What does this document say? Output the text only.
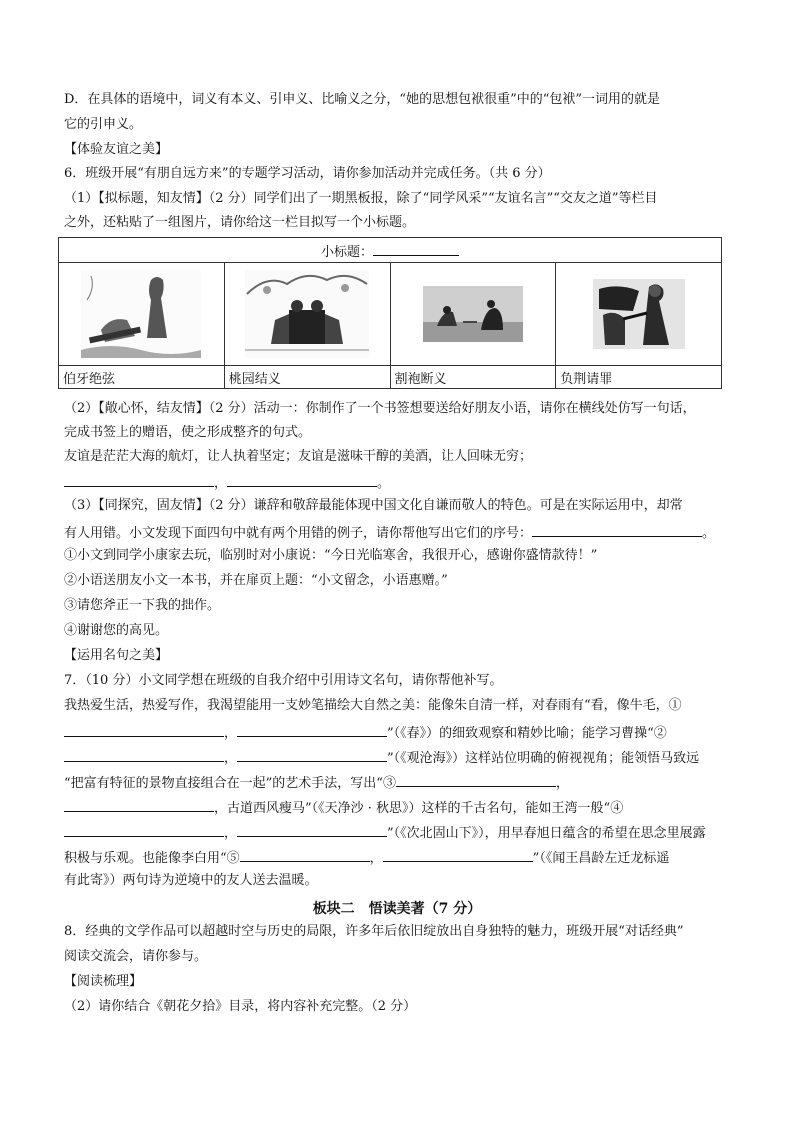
D．在具体的语境中，词义有本义、引申义、比喻义之分，“她的思想包袱很重”中的“包袱”一词用的就是
它的引申义。
【体验友谊之美】
6．班级开展“有朋自远方来”的专题学习活动，请你参加活动并完成任务。（共 6 分）
（1）【拟标题，知友情】（2 分）同学们出了一期黑板报，除了“同学风采”“友谊名言”“交友之道”等栏目
之外，还粘贴了一组图片，请你给这一栏目拟写一个小标题。
小标题：			

伯牙绝弦	桃园结义	割袍断义	负荆请罪
（2）【敞心怀，结友情】（2 分）活动一：你制作了一个书签想要送给好朋友小语，请你在横线处仿写一句话，
完成书签上的赠语，使之形成整齐的句式。
友谊是茫茫大海的航灯，让人执着坚定；友谊是滋味干醇的美酒，让人回味无穷；
，	。
（3）【同探究，固友情】（2 分）谦辞和敬辞最能体现中国文化自谦而敬人的特色。可是在实际运用中，却常
有人用错。小文发现下面四句中就有两个用错的例子，请你帮他写出它们的序号：	。
①小文到同学小康家去玩，临别时对小康说：“今日光临寒舍，我很开心，感谢你盛情款待！”
②小语送朋友小文一本书，并在扉页上题：“小文留念，小语惠赠。”
③请您斧正一下我的拙作。
④谢谢您的高见。
【运用名句之美】
7．（10 分）小文同学想在班级的自我介绍中引用诗文名句，请你帮他补写。
我热爱生活，热爱写作，我渴望能用一支妙笔描绘大自然之美：能像朱自清一样，对春雨有“看，像牛毛，①
，	”（《春》）的细致观察和精妙比喻；能学习曹操“②
，	”（《观沧海》）这样站位明确的俯视视角；能领悟马致远
“把富有特征的景物直接组合在一起”的艺术手法，写出“③	，
，古道西风瘦马”（《天净沙 · 秋思》）这样的千古名句，能如王湾一般“④
，	”（《次北固山下》），用早春旭日蕴含的希望在思念里展露
积极与乐观。也能像李白用“⑤	，	”（《闻王昌龄左迁龙标遥
有此寄》）两句诗为逆境中的友人送去温暖。
板块二　悟读美著（7 分）
8．经典的文学作品可以超越时空与历史的局限，许多年后依旧绽放出自身独特的魅力，班级开展“对话经典”
阅读交流会，请你参与。
【阅读梳理】
（2）请你结合《朝花夕拾》目录，将内容补充完整。（2 分）
